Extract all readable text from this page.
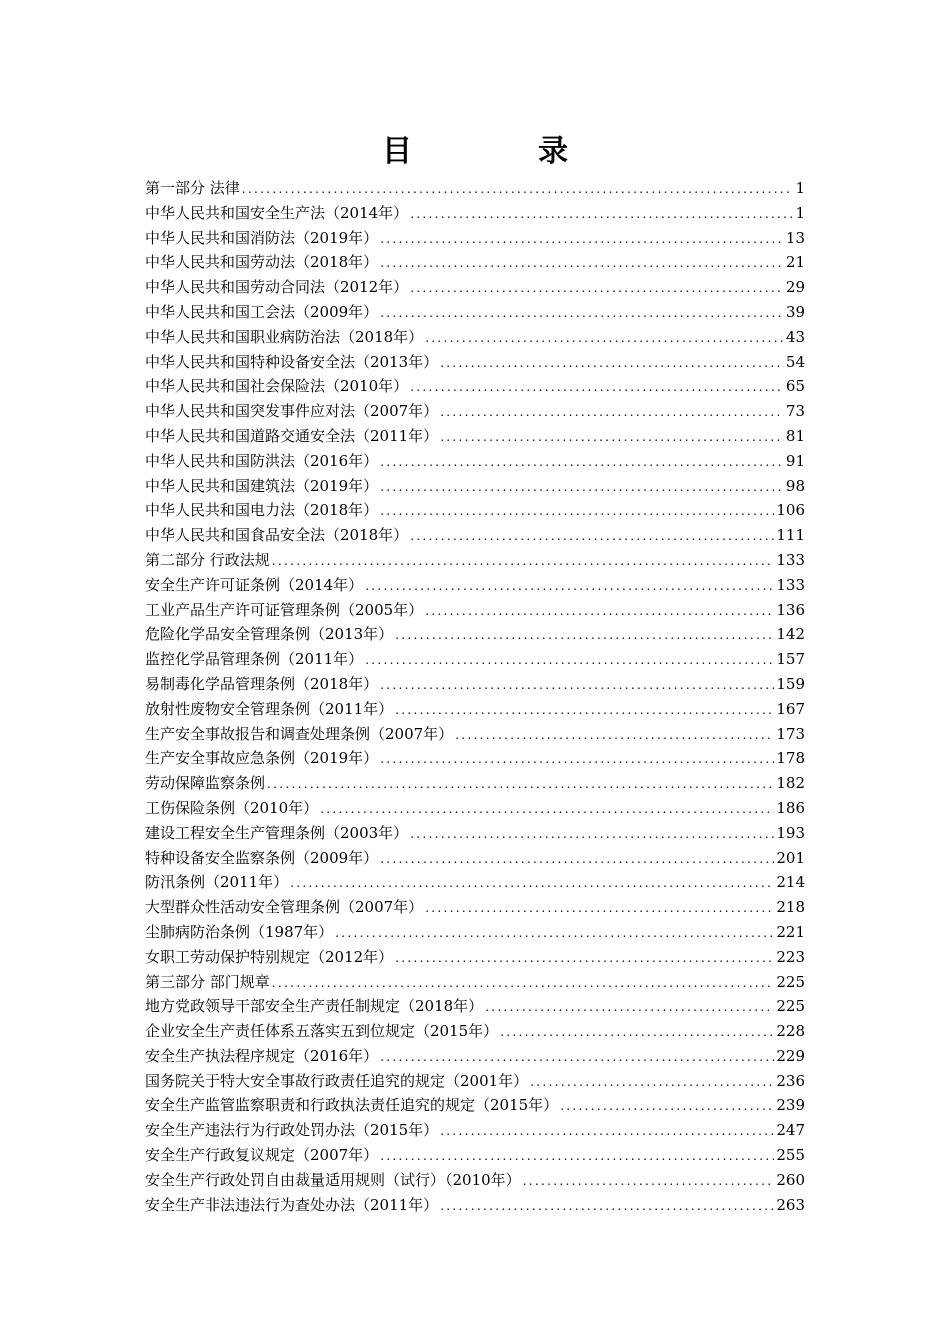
目　录
第一部分 法律 .....	1
中华人民共和国安全生产法（2014年） .....	1
中华人民共和国消防法（2019年） .....	13
中华人民共和国劳动法（2018年） .....	21
中华人民共和国劳动合同法（2012年） .....	29
中华人民共和国工会法（2009年） .....	39
中华人民共和国职业病防治法（2018年） .....	43
中华人民共和国特种设备安全法（2013年） .....	54
中华人民共和国社会保险法（2010年） .....	65
中华人民共和国突发事件应对法（2007年） .....	73
中华人民共和国道路交通安全法（2011年） .....	81
中华人民共和国防洪法（2016年） .....	91
中华人民共和国建筑法（2019年） .....	98
中华人民共和国电力法（2018年） .....	106
中华人民共和国食品安全法（2018年） .....	111
第二部分 行政法规 .....	133
安全生产许可证条例（2014年） .....	133
工业产品生产许可证管理条例（2005年） .....	136
危险化学品安全管理条例（2013年） .....	142
监控化学品管理条例（2011年） .....	157
易制毒化学品管理条例（2018年） .....	159
放射性废物安全管理条例（2011年） .....	167
生产安全事故报告和调查处理条例（2007年） .....	173
生产安全事故应急条例（2019年） .....	178
劳动保障监察条例 .....	182
工伤保险条例（2010年） .....	186
建设工程安全生产管理条例（2003年） .....	193
特种设备安全监察条例（2009年） .....	201
防汛条例（2011年） .....	214
大型群众性活动安全管理条例（2007年） .....	218
尘肺病防治条例（1987年） .....	221
女职工劳动保护特别规定（2012年） .....	223
第三部分 部门规章 .....	225
地方党政领导干部安全生产责任制规定（2018年） .....	225
企业安全生产责任体系五落实五到位规定（2015年） .....	228
安全生产执法程序规定（2016年） .....	229
国务院关于特大安全事故行政责任追究的规定（2001年） .....	236
安全生产监管监察职责和行政执法责任追究的规定（2015年） .....	239
安全生产违法行为行政处罚办法（2015年） .....	247
安全生产行政复议规定（2007年） .....	255
安全生产行政处罚自由裁量适用规则（试行）（2010年） .....	260
安全生产非法违法行为查处办法（2011年） .....	263
